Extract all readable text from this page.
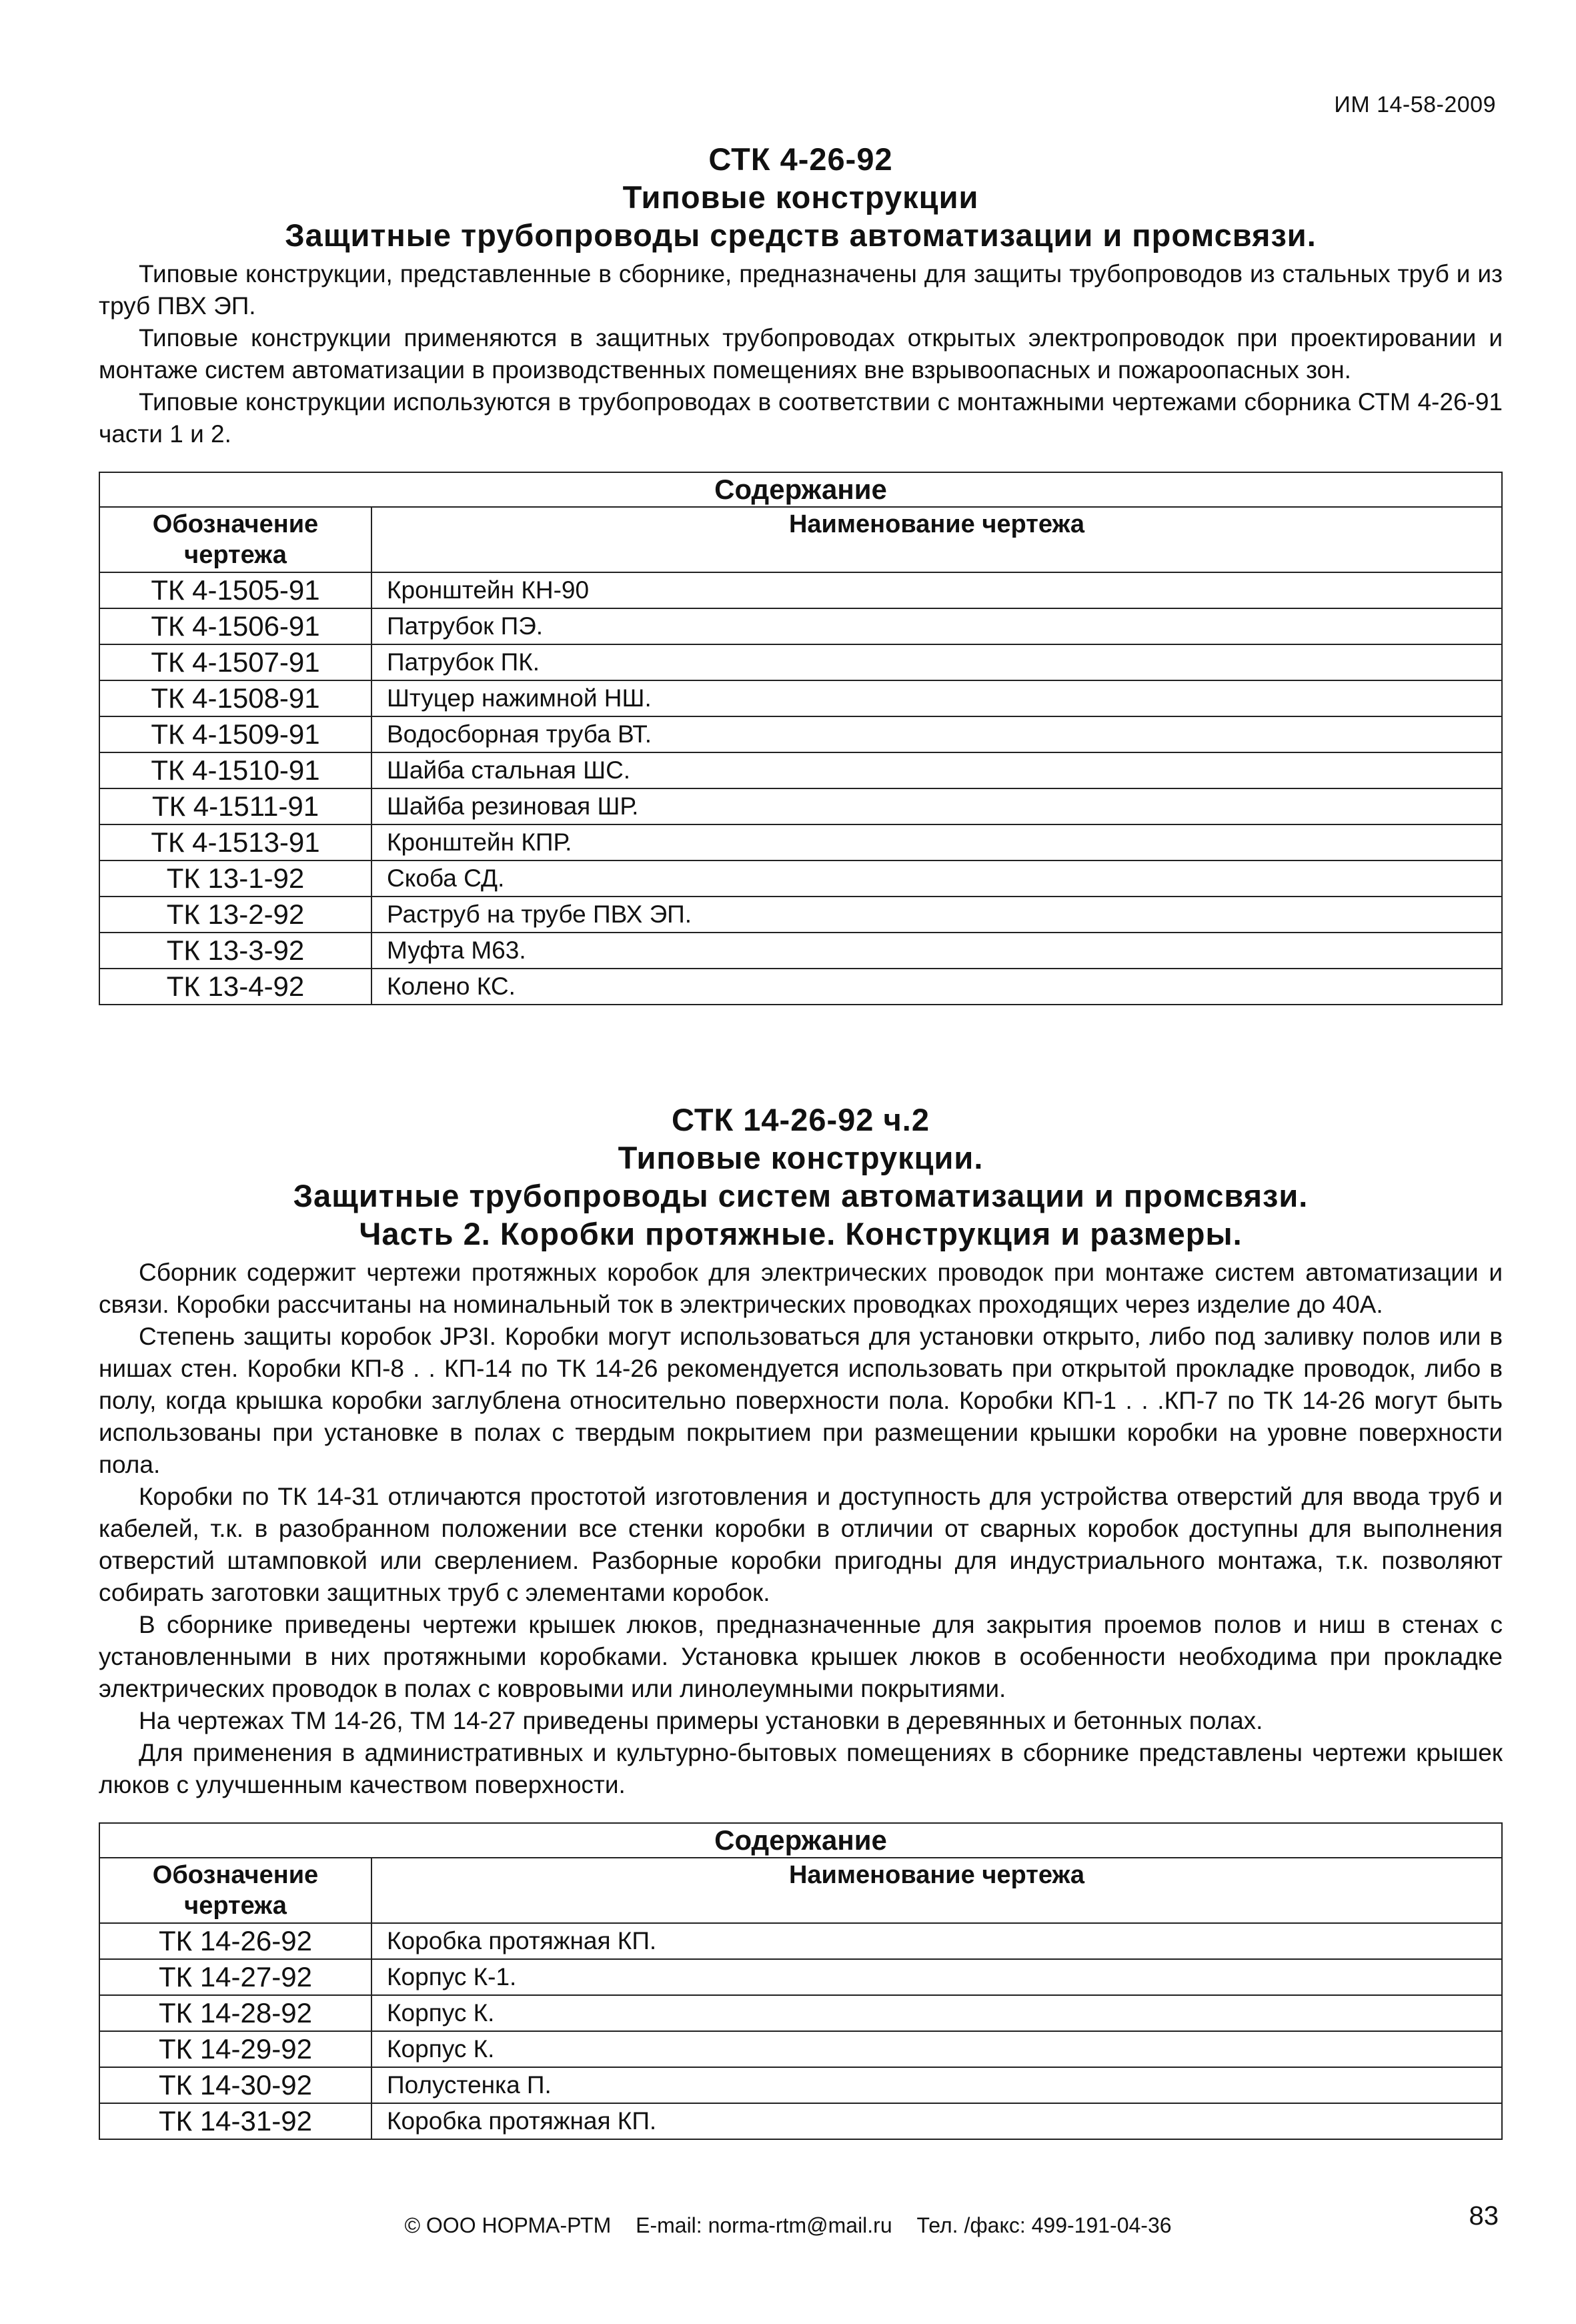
ИМ 14-58-2009

СТК 4-26-92

Типовые конструкции

Защитные трубопроводы средств автоматизации и промсвязи.

Типовые конструкции, представленные в сборнике, предназначены для защиты трубопроводов из стальных труб и из труб ПВХ ЭП.

Типовые конструкции применяются в защитных трубопроводах открытых электропроводок при проектировании и монтаже систем автоматизации в производственных помещениях вне взрывоопасных и пожароопасных зон.

Типовые конструкции используются в трубопроводах в соответствии с монтажными чертежами сборника СТМ 4-26-91 части 1 и 2.

Содержание	
Обозначение чертежа	Наименование чертежа
ТК 4-1505-91	Кронштейн КН-90
ТК 4-1506-91	Патрубок ПЭ.
ТК 4-1507-91	Патрубок ПК.
ТК 4-1508-91	Штуцер нажимной НШ.
ТК 4-1509-91	Водосборная труба ВТ.
ТК 4-1510-91	Шайба стальная ШС.
ТК 4-1511-91	Шайба резиновая ШР.
ТК 4-1513-91	Кронштейн КПР.
ТК 13-1-92	Скоба СД.
ТК 13-2-92	Раструб на трубе ПВХ ЭП.
ТК 13-3-92	Муфта М63.
ТК 13-4-92	Колено КС.

СТК 14-26-92 ч.2

Типовые конструкции.

Защитные трубопроводы систем автоматизации и промсвязи.

Часть 2. Коробки протяжные. Конструкция и размеры.

Сборник содержит чертежи протяжных коробок для электрических проводок при монтаже систем автоматизации и связи. Коробки рассчитаны на номинальный ток в электрических проводках проходящих через изделие до 40А.

Степень защиты коробок JP3I. Коробки могут использоваться для установки открыто, либо под заливку полов или в нишах стен. Коробки КП-8 . . КП-14 по ТК 14-26 рекомендуется использовать при открытой прокладке проводок, либо в полу, когда крышка коробки заглублена относительно поверхности пола. Коробки КП-1 . . .КП-7 по ТК 14-26 могут быть использованы при установке в полах с твердым покрытием при размещении крышки коробки на уровне поверхности пола.

Коробки по ТК 14-31 отличаются простотой изготовления и доступность для устройства отверстий для ввода труб и кабелей, т.к. в разобранном положении все стенки коробки в отличии от сварных коробок доступны для выполнения отверстий штамповкой или сверлением. Разборные коробки пригодны для индустриального монтажа, т.к. позволяют собирать заготовки защитных труб с элементами коробок.

В сборнике приведены чертежи крышек люков, предназначенные для закрытия проемов полов и ниш в стенах с установленными в них протяжными коробками. Установка крышек люков в особенности необходима при прокладке электрических проводок в полах с ковровыми или линолеумными покрытиями.

На чертежах ТМ 14-26, ТМ 14-27 приведены примеры установки в деревянных и бетонных полах.

Для применения в административных и культурно-бытовых помещениях в сборнике представлены чертежи крышек люков с улучшенным качеством поверхности.

Содержание	
Обозначение чертежа	Наименование чертежа
ТК 14-26-92	Коробка протяжная КП.
ТК 14-27-92	Корпус К-1.
ТК 14-28-92	Корпус К.
ТК 14-29-92	Корпус К.
ТК 14-30-92	Полустенка П.
ТК 14-31-92	Коробка протяжная КП.
© ООО НОРМА-РТМ E-mail: norma-rtm@mail.ru Тел. /факс: 499-191-04-36	83
